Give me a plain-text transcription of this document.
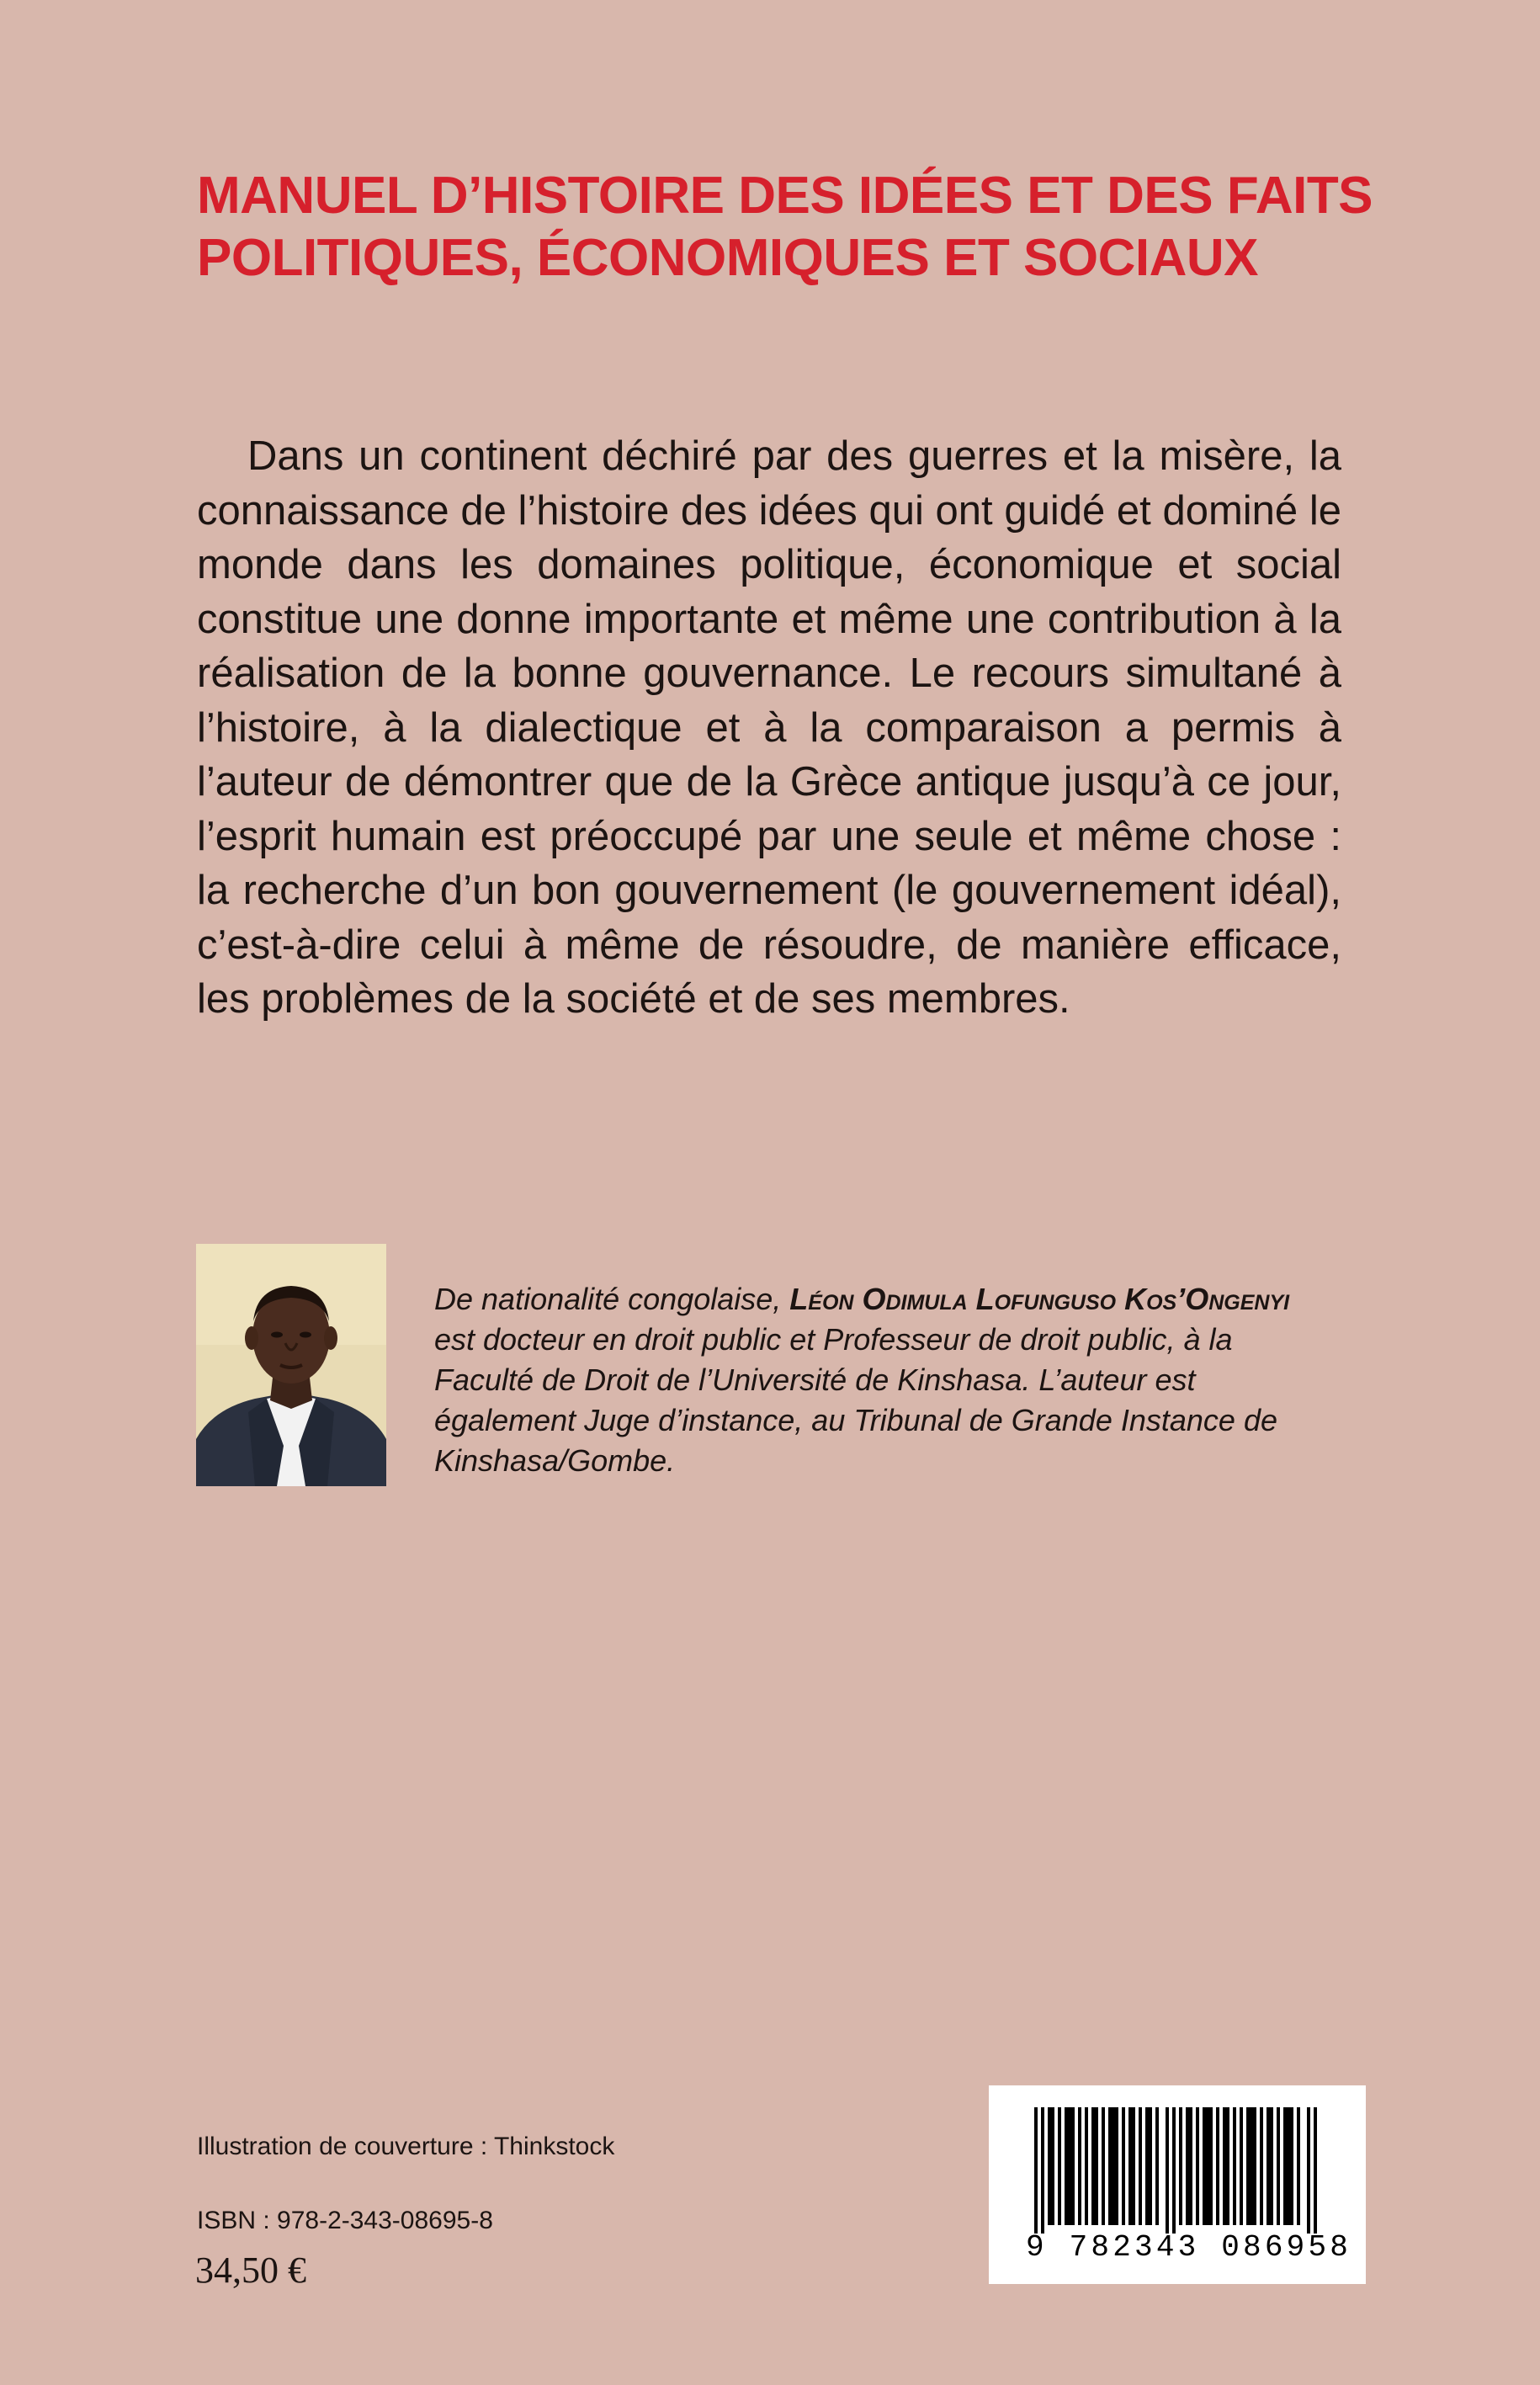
MANUEL D’HISTOIRE DES IDÉES ET DES FAITS
POLITIQUES, ÉCONOMIQUES ET SOCIAUX

Dans un continent déchiré par des guerres et la misère, la connaissance de l’histoire des idées qui ont guidé et dominé le monde dans les domaines politique, économique et social constitue une donne importante et même une contribution à la réalisation de la bonne gouvernance. Le recours simultané à l’histoire, à la dialectique et à la comparaison a permis à l’auteur de démontrer que de la Grèce antique jusqu’à ce jour, l’esprit humain est préoccupé par une seule et même chose : la recherche d’un bon gouvernement (le gouvernement idéal), c’est-à-dire celui à même de résoudre, de manière efficace, les problèmes de la société et de ses membres.

De nationalité congolaise, Léon Odimula Lofunguso Kos’Ongenyi est docteur en droit public et Professeur de droit public, à la Faculté de Droit de l’Université de Kinshasa. L’auteur est également Juge d’instance, au Tribunal de Grande Instance de Kinshasa/Gombe.

Illustration de couverture : Thinkstock

ISBN : 978-2-343-08695-8

34,50 €

9 782343 086958
